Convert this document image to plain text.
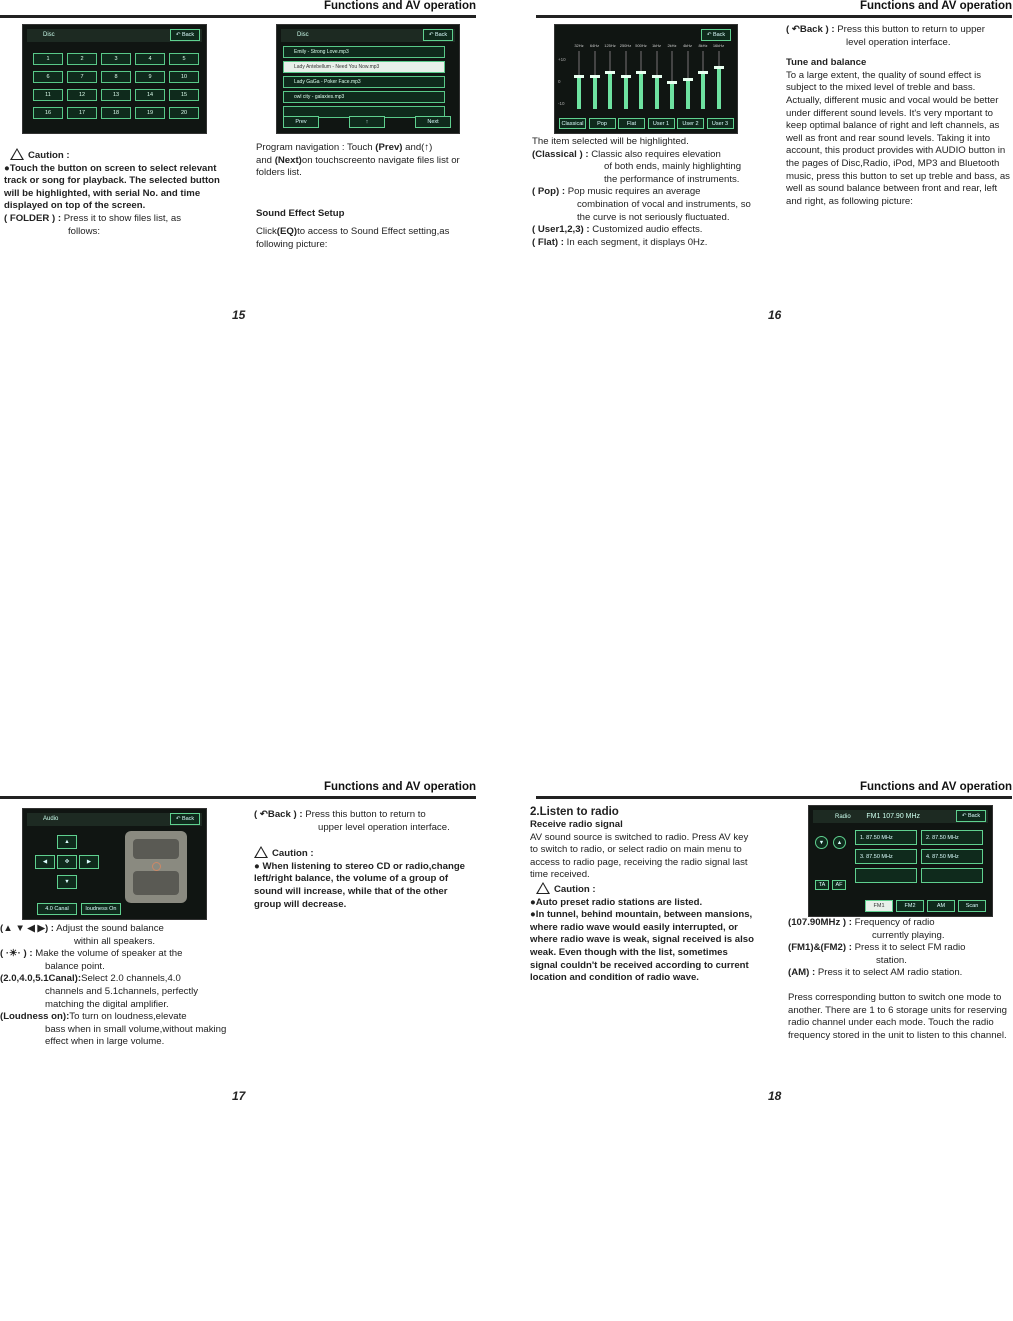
Functions and AV operation
Disc	↶ Back
1	2	3	4	5
6	7	8	9	10
11	12	13	14	15
16	17	18	19	20
Disc	↶ Back
Emily - Strong Love.mp3
Lady Antebellum - Need You Now.mp3
Lady GaGa - Poker Face.mp3
owl city - galaxies.mp3
Prev	↑	Next

Caution :

●Touch the button on screen to select relevant track or song for playback. The selected button will be highlighted, with serial No. and time displayed on top of the screen.

( FOLDER ) : Press it to show files list, as

follows:

Program navigation : Touch (Prev) and(↑)
and (Next)on touchscreento navigate files list or folders list.

Sound Effect Setup

Click(EQ)to access to Sound Effect setting,as following picture:

15
Functions and AV operation
↶ Back
+10
0
-10
32Hz	64Hz	125Hz 250Hz 500Hz	1kHz	2kHz	4kHz	8kHz	16kHz
Classical	Pop	Flat	User 1	User 2	User 3

The item selected will be highlighted.

(Classical ) : Classic also requires elevation

of both ends, mainly highlighting the performance of instruments.

( Pop) : Pop music requires an average

combination of vocal and instruments, so the curve is not seriously fluctuated.

( User1,2,3) : Customized audio effects.

( Flat) : In each segment, it displays 0Hz.

( ↶Back ) : Press this button to return to upper

level operation interface.

Tune and balance

To a large extent, the quality of sound effect is subject to the mixed level of treble and bass. Actually, different music and vocal would be better under different sound levels. It's very mportant to keep optimal balance of right and left channels, as well as front and rear sound levels. Taking it into account, this product provides with AUDIO button in the pages of Disc,Radio, iPod, MP3 and Bluetooth music, press this button to set up treble and bass, as well as sound balance between front and rear, left and right, as following picture:

16
Functions and AV operation
Audio	↶ Back
▲
◀	✥	▶
▼
4.0 Canal	loudness On

(▲ ▼ ◀ ▶) : Adjust the sound balance

within all speakers.

( ·☀· ) : Make the volume of speaker at the

balance point.

(2.0,4.0,5.1Canal):Select 2.0 channels,4.0

channels and 5.1channels, perfectly matching the digital amplifier.

(Loudness on):To turn on loudness,elevate

bass when in small volume,without making effect when in large volume.

( ↶Back ) : Press this button to return to

upper level operation interface.

Caution :

● When listening to stereo CD or radio,change left/right balance, the volume of a group of sound will increase, while that of the other group will decrease.

17
Functions and AV operation

2.Listen to radio

Receive radio signal

AV sound source is switched to radio. Press AV key to switch to radio, or select radio on main menu to access to radio page, receiving the radio signal last time received.

Caution :

●Auto preset radio stations are listed.

●In tunnel, behind mountain, between mansions, where radio wave would easily interrupted, or where radio wave is weak, signal received is also weak. Even though with the list, sometimes signal couldn't be received according to current location and condition of radio wave.

Radio FM1 107.90 MHz	↶ Back
▼	▲
1. 87.50 MHz	2. 87.50 MHz
3. 87.50 MHz	4. 87.50 MHz
TA	AF
FM1	FM2	AM	Scan

(107.90MHz ) : Frequency of radio

currently playing.

(FM1)&(FM2) : Press it to select FM radio

station.

(AM) : Press it to select AM radio station.

Press corresponding button to switch one mode to another. There are 1 to 6 storage units for reserving radio channel under each mode. Touch the radio frequency stored in the unit to listen to this channel.

18
